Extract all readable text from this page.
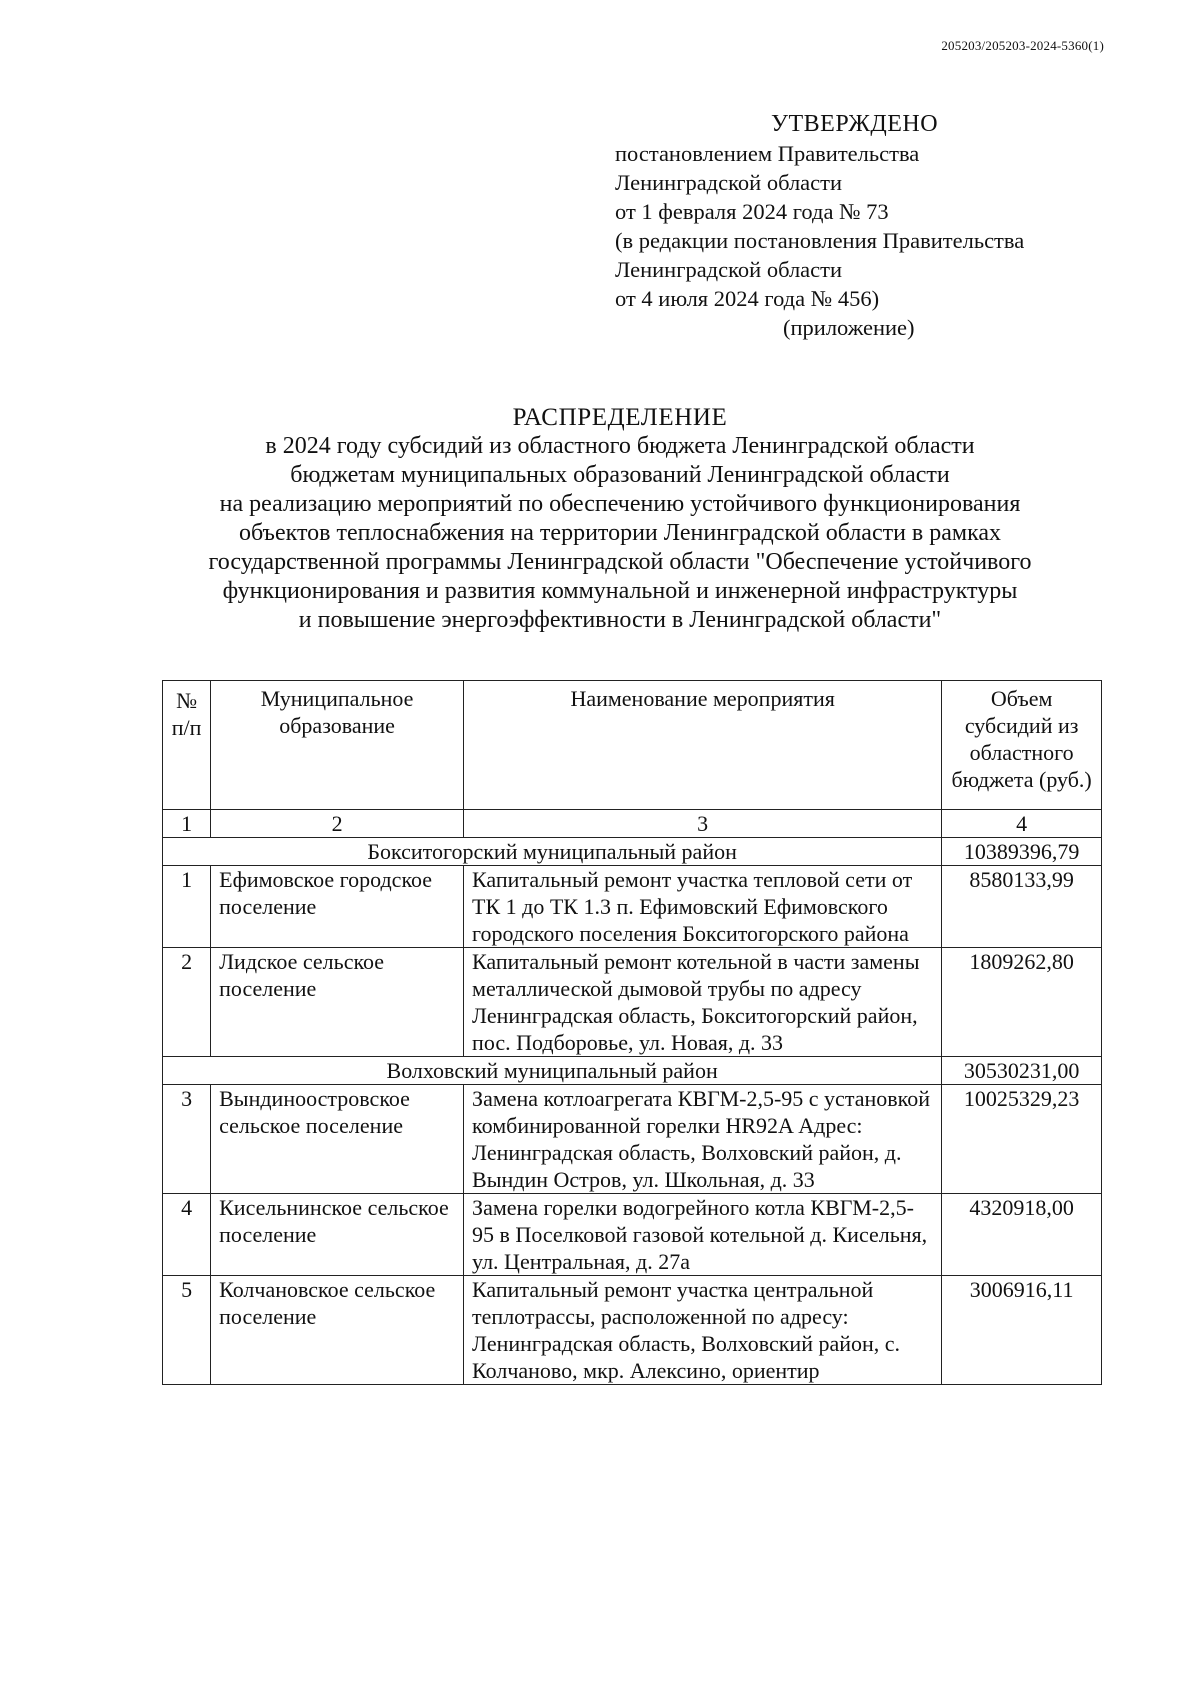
205203/205203-2024-5360(1)
УТВЕРЖДЕНО
постановлением Правительства
Ленинградской области
от 1 февраля 2024 года № 73
(в редакции постановления Правительства
Ленинградской области
от 4 июля 2024 года № 456)
(приложение)
РАСПРЕДЕЛЕНИЕ
в 2024 году субсидий из областного бюджета Ленинградской области
бюджетам муниципальных образований Ленинградской области
на реализацию мероприятий по обеспечению устойчивого функционирования
объектов теплоснабжения на территории Ленинградской области в рамках
государственной программы Ленинградской области "Обеспечение устойчивого
функционирования и развития коммунальной и инженерной инфраструктуры
и повышение энергоэффективности в Ленинградской области"
№ п/п	Муниципальное образование	Наименование мероприятия	Объем субсидий из областного бюджета (руб.)

1	2	3	4
Бокситогорский муниципальный район			10389396,79
1	Ефимовское городское поселение	Капитальный ремонт участка тепловой сети от ТК 1 до ТК 1.3 п. Ефимовский Ефимовского городского поселения Бокситогорского района	8580133,99
2	Лидское сельское поселение	Капитальный ремонт котельной в части замены металлической дымовой трубы по адресу Ленинградская область, Бокситогорский район, пос. Подборовье, ул. Новая, д. 33	1809262,80
Волховский муниципальный район			30530231,00
3	Вындиноостровское сельское поселение	Замена котлоагрегата КВГМ-2,5-95 с установкой комбинированной горелки HR92A Адрес: Ленинградская область, Волховский район, д. Вындин Остров, ул. Школьная, д. 33	10025329,23
4	Кисельнинское сельское поселение	Замена горелки водогрейного котла КВГМ-2,5-95 в Поселковой газовой котельной д. Кисельня, ул. Центральная, д. 27а	4320918,00
5	Колчановское сельское поселение	Капитальный ремонт участка центральной теплотрассы, расположенной по адресу: Ленинградская область, Волховский район, с. Колчаново, мкр. Алексино, ориентир	3006916,11
